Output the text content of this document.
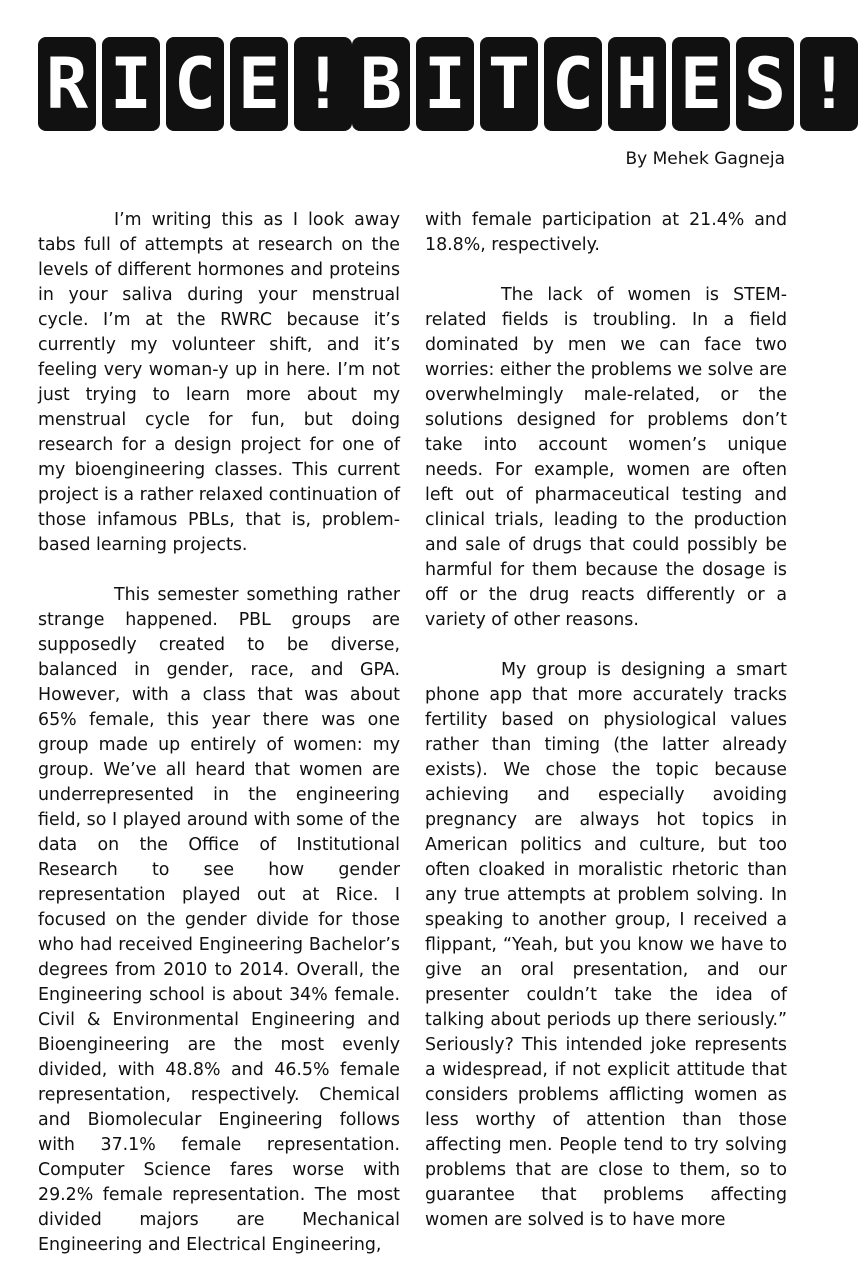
R I C E ! B I T C H E S !
By Mehek Gagneja

I’m writing this as I look away tabs full of attempts at research on the levels of different hormones and proteins in your saliva during your menstrual cycle. I’m at the RWRC because it’s currently my volunteer shift, and it’s feeling very woman-y up in here. I’m not just trying to learn more about my menstrual cycle for fun, but doing research for a design project for one of my bioengineering classes. This current project is a rather relaxed continuation of those infamous PBLs, that is, problem-based learning projects.

This semester something rather strange happened. PBL groups are supposedly created to be diverse, balanced in gender, race, and GPA. However, with a class that was about 65% female, this year there was one group made up entirely of women: my group. We’ve all heard that women are underrepresented in the engineering field, so I played around with some of the data on the Office of Institutional Research to see how gender representation played out at Rice. I focused on the gender divide for those who had received Engineering Bachelor’s degrees from 2010 to 2014. Overall, the Engineering school is about 34% female. Civil & Environmental Engineering and Bioengineering are the most evenly divided, with 48.8% and 46.5% female representation, respectively. Chemical and Biomolecular Engineering follows with 37.1% female representation. Computer Science fares worse with 29.2% female representation. The most divided majors are Mechanical Engineering and Electrical Engineering,

with female participation at 21.4% and 18.8%, respectively.

The lack of women is STEM-related fields is troubling. In a field dominated by men we can face two worries: either the problems we solve are overwhelmingly male-related, or the solutions designed for problems don’t take into account women’s unique needs. For example, women are often left out of pharmaceutical testing and clinical trials, leading to the production and sale of drugs that could possibly be harmful for them because the dosage is off or the drug reacts differently or a variety of other reasons.

My group is designing a smart phone app that more accurately tracks fertility based on physiological values rather than timing (the latter already exists). We chose the topic because achieving and especially avoiding pregnancy are always hot topics in American politics and culture, but too often cloaked in moralistic rhetoric than any true attempts at problem solving. In speaking to another group, I received a flippant, “Yeah, but you know we have to give an oral presentation, and our presenter couldn’t take the idea of talking about periods up there seriously.” Seriously? This intended joke represents a widespread, if not explicit attitude that considers problems afflicting women as less worthy of attention than those affecting men. People tend to try solving problems that are close to them, so to guarantee that problems affecting women are solved is to have more
